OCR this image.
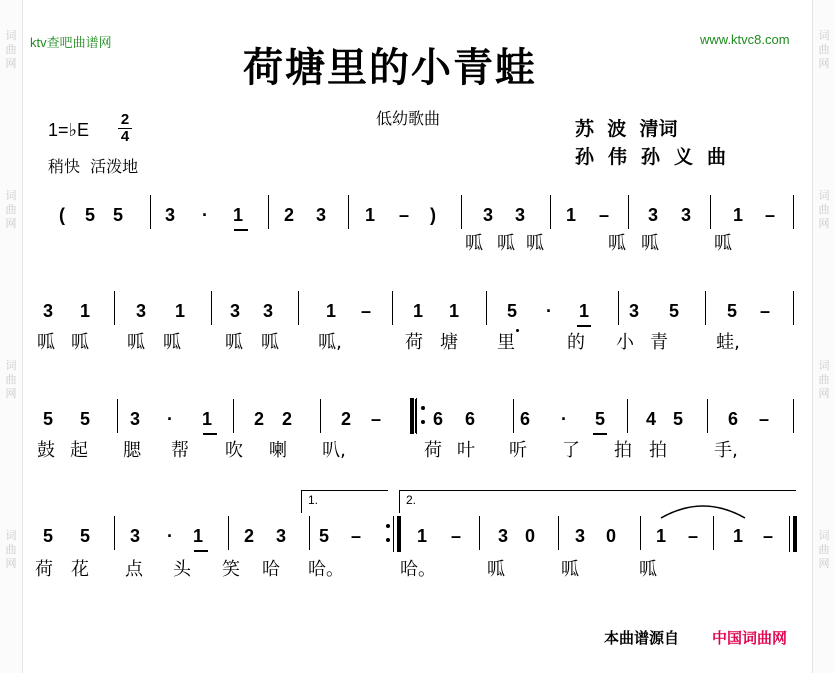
词
曲
网
词
曲
网
词
曲
网
词
曲
网
词
曲
网
词
曲
网
词
曲
网
词
曲
网
ktv查吧曲谱网	www.ktvc8.com
荷塘里的小青蛙
低幼歌曲
1=♭E
2
4
稍快  活泼地
苏  波  清词
孙伟孙义曲
(	5 5 3	·	1 2 3 1 –	)	3 3 1 – 3 3 1 –
呱 呱 呱	呱 呱	呱
3 1	3 1 3 3	1 – 1 1	5	·	1 3 5	5 –
呱 呱 呱 呱 呱 呱 呱,	荷 塘 里	的 小 青	蛙,
5 5 3	·	1 2 2	2 –	6 6 6	·	5 4 5 6 –
鼓 起 腮 帮 吹 喇 叭,	荷 叶 听 了 拍 拍	手,
5 5 3	·	1 2 3 5 –	1 – 3 0 3 0 1 – 1 –
荷 花 点 头 笑 哈 哈。	哈。	呱	呱	呱
1.	2.
本曲谱源自 中国词曲网
